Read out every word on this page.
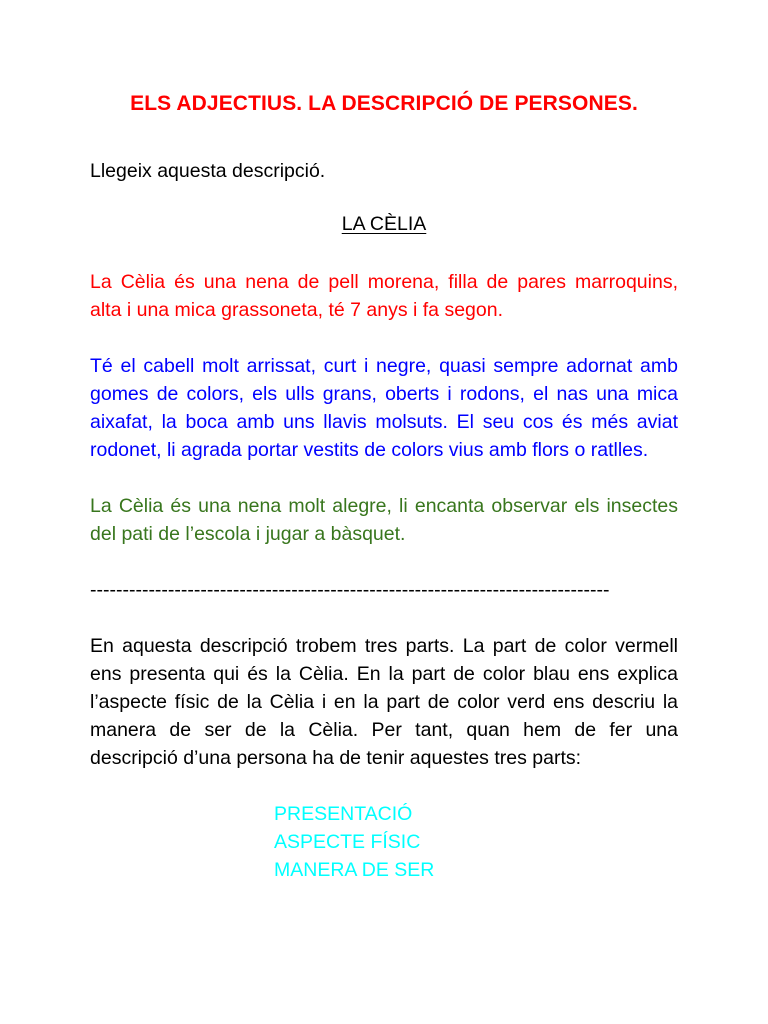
ELS ADJECTIUS. LA DESCRIPCIÓ DE PERSONES.
Llegeix aquesta descripció.
LA CÈLIA
La Cèlia és una nena de pell morena, filla de pares marroquins,
alta i una mica grassoneta, té 7 anys i fa segon.
Té el cabell molt arrissat, curt i negre, quasi sempre adornat amb
gomes de colors, els ulls grans, oberts i rodons, el nas una mica
aixafat, la boca amb uns llavis molsuts. El seu cos és més aviat
rodonet, li agrada portar vestits de colors vius amb flors o ratlles.
La Cèlia és una nena molt alegre, li encanta observar els insectes
del pati de l’escola i jugar a bàsquet.
--------------------------------------------------------------------------------
En aquesta descripció trobem tres parts. La part de color vermell
ens presenta qui és la Cèlia. En la part de color blau ens explica
l’aspecte físic de la Cèlia i en la part de color verd ens descriu la
manera de ser de la Cèlia. Per tant, quan hem de fer una
descripció d’una persona ha de tenir aquestes tres parts:
PRESENTACIÓ
ASPECTE FÍSIC
MANERA DE SER
